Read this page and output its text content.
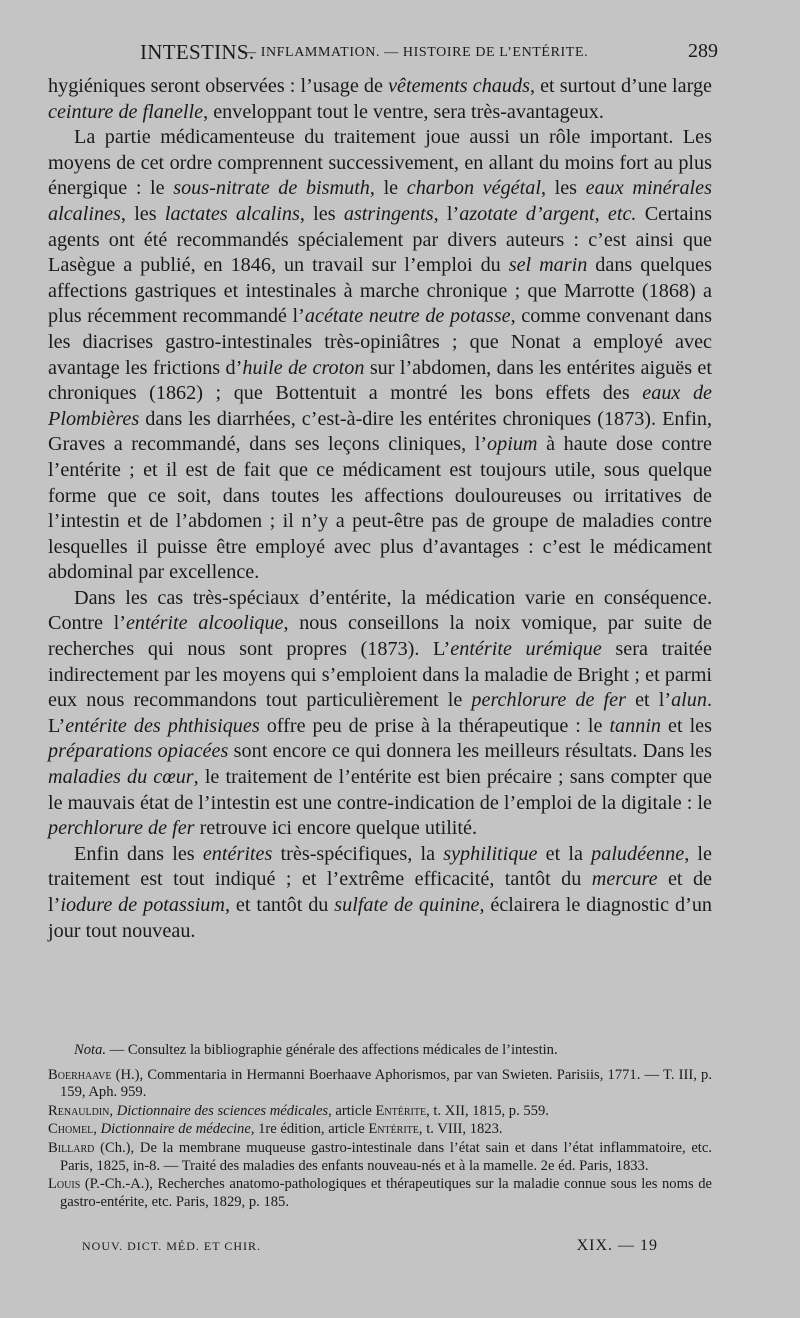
INTESTINS.
— INFLAMMATION. — HISTOIRE DE L’ENTÉRITE.	289

hygiéniques seront observées : l’usage de vêtements chauds, et surtout d’une large ceinture de flanelle, enveloppant tout le ventre, sera très-avantageux.

La partie médicamenteuse du traitement joue aussi un rôle important. Les moyens de cet ordre comprennent successivement, en allant du moins fort au plus énergique : le sous-nitrate de bismuth, le charbon végétal, les eaux minérales alcalines, les lactates alcalins, les astringents, l’azotate d’argent, etc. Certains agents ont été recommandés spécialement par divers auteurs : c’est ainsi que Lasègue a publié, en 1846, un travail sur l’emploi du sel marin dans quelques affections gastriques et intestinales à marche chronique ; que Marrotte (1868) a plus récemment recommandé l’acétate neutre de potasse, comme convenant dans les diacrises gastro-intestinales très-opiniâtres ; que Nonat a employé avec avantage les frictions d’huile de croton sur l’abdomen, dans les entérites aiguës et chroniques (1862) ; que Bottentuit a montré les bons effets des eaux de Plombières dans les diarrhées, c’est-à-dire les entérites chroniques (1873). Enfin, Graves a recommandé, dans ses leçons cliniques, l’opium à haute dose contre l’entérite ; et il est de fait que ce médicament est toujours utile, sous quelque forme que ce soit, dans toutes les affections douloureuses ou irritatives de l’intestin et de l’abdomen ; il n’y a peut-être pas de groupe de maladies contre lesquelles il puisse être employé avec plus d’avantages : c’est le médicament abdominal par excellence.

Dans les cas très-spéciaux d’entérite, la médication varie en conséquence. Contre l’entérite alcoolique, nous conseillons la noix vomique, par suite de recherches qui nous sont propres (1873). L’entérite urémique sera traitée indirectement par les moyens qui s’emploient dans la maladie de Bright ; et parmi eux nous recommandons tout particulièrement le perchlorure de fer et l’alun. L’entérite des phthisiques offre peu de prise à la thérapeutique : le tannin et les préparations opiacées sont encore ce qui donnera les meilleurs résultats. Dans les maladies du cœur, le traitement de l’entérite est bien précaire ; sans compter que le mauvais état de l’intestin est une contre-indication de l’emploi de la digitale : le perchlorure de fer retrouve ici encore quelque utilité.

Enfin dans les entérites très-spécifiques, la syphilitique et la paludéenne, le traitement est tout indiqué ; et l’extrême efficacité, tantôt du mercure et de l’iodure de potassium, et tantôt du sulfate de quinine, éclairera le diagnostic d’un jour tout nouveau.

Nota. — Consultez la bibliographie générale des affections médicales de l’intestin.

Boerhaave (H.), Commentaria in Hermanni Boerhaave Aphorismos, par van Swieten. Parisiis, 1771. — T. III, p. 159, Aph. 959.

Renauldin, Dictionnaire des sciences médicales, article Entérite, t. XII, 1815, p. 559.

Chomel, Dictionnaire de médecine, 1re édition, article Entérite, t. VIII, 1823.

Billard (Ch.), De la membrane muqueuse gastro-intestinale dans l’état sain et dans l’état inflammatoire, etc. Paris, 1825, in-8. — Traité des maladies des enfants nouveau-nés et à la mamelle. 2e éd. Paris, 1833.

Louis (P.-Ch.-A.), Recherches anatomo-pathologiques et thérapeutiques sur la maladie connue sous les noms de gastro-entérite, etc. Paris, 1829, p. 185.

NOUV. DICT. MÉD. ET CHIR.	XIX. — 19
